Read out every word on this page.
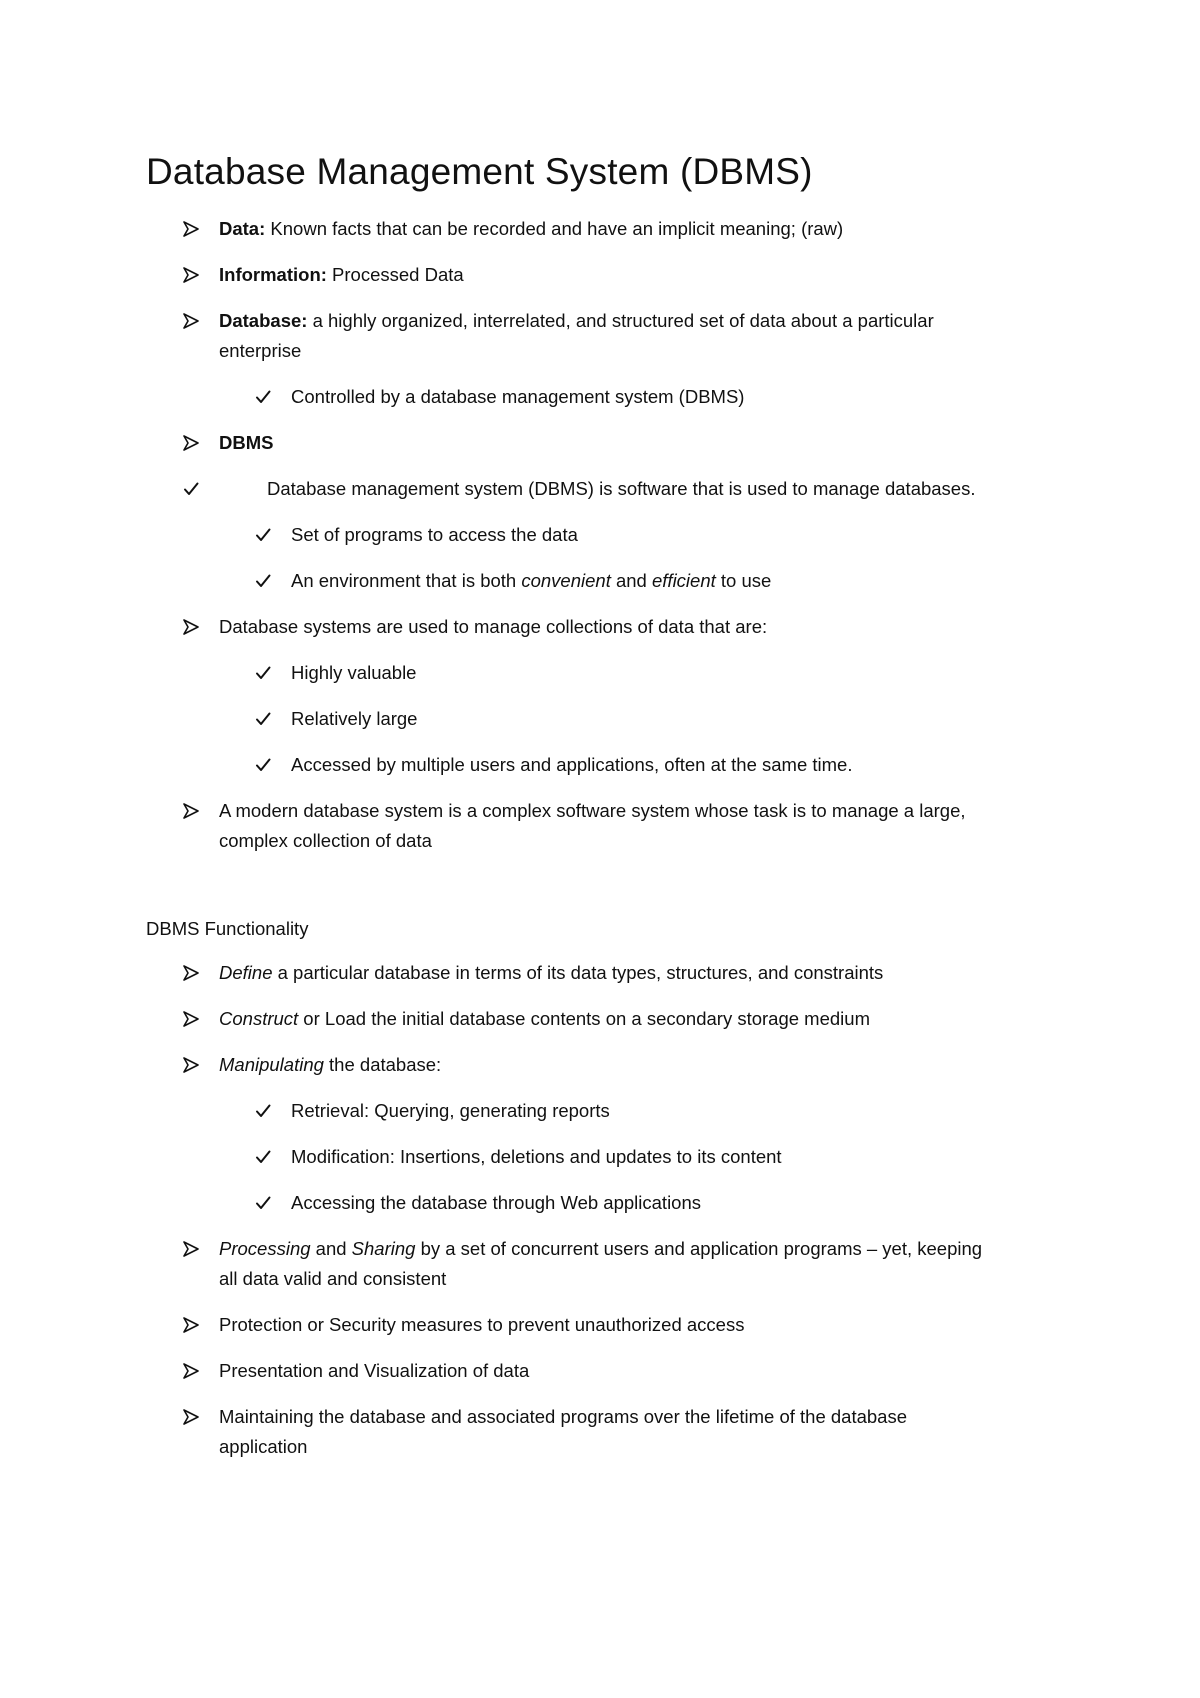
Database Management System (DBMS)
Data: Known facts that can be recorded and have an implicit meaning; (raw)
Information: Processed Data
Database: a highly organized, interrelated, and structured set of data about a particular
enterprise
Controlled by a database management system (DBMS)
DBMS
Database management system (DBMS) is software that is used to manage databases.
Set of programs to access the data
An environment that is both convenient and efficient to use
Database systems are used to manage collections of data that are:
Highly valuable
Relatively large
Accessed by multiple users and applications, often at the same time.
A modern database system is a complex software system whose task is to manage a large,
complex collection of data
DBMS Functionality
Define a particular database in terms of its data types, structures, and constraints
Construct or Load the initial database contents on a secondary storage medium
Manipulating the database:
Retrieval: Querying, generating reports
Modification: Insertions, deletions and updates to its content
Accessing the database through Web applications
Processing and Sharing by a set of concurrent users and application programs – yet, keeping
all data valid and consistent
Protection or Security measures to prevent unauthorized access
Presentation and Visualization of data
Maintaining the database and associated programs over the lifetime of the database
application
